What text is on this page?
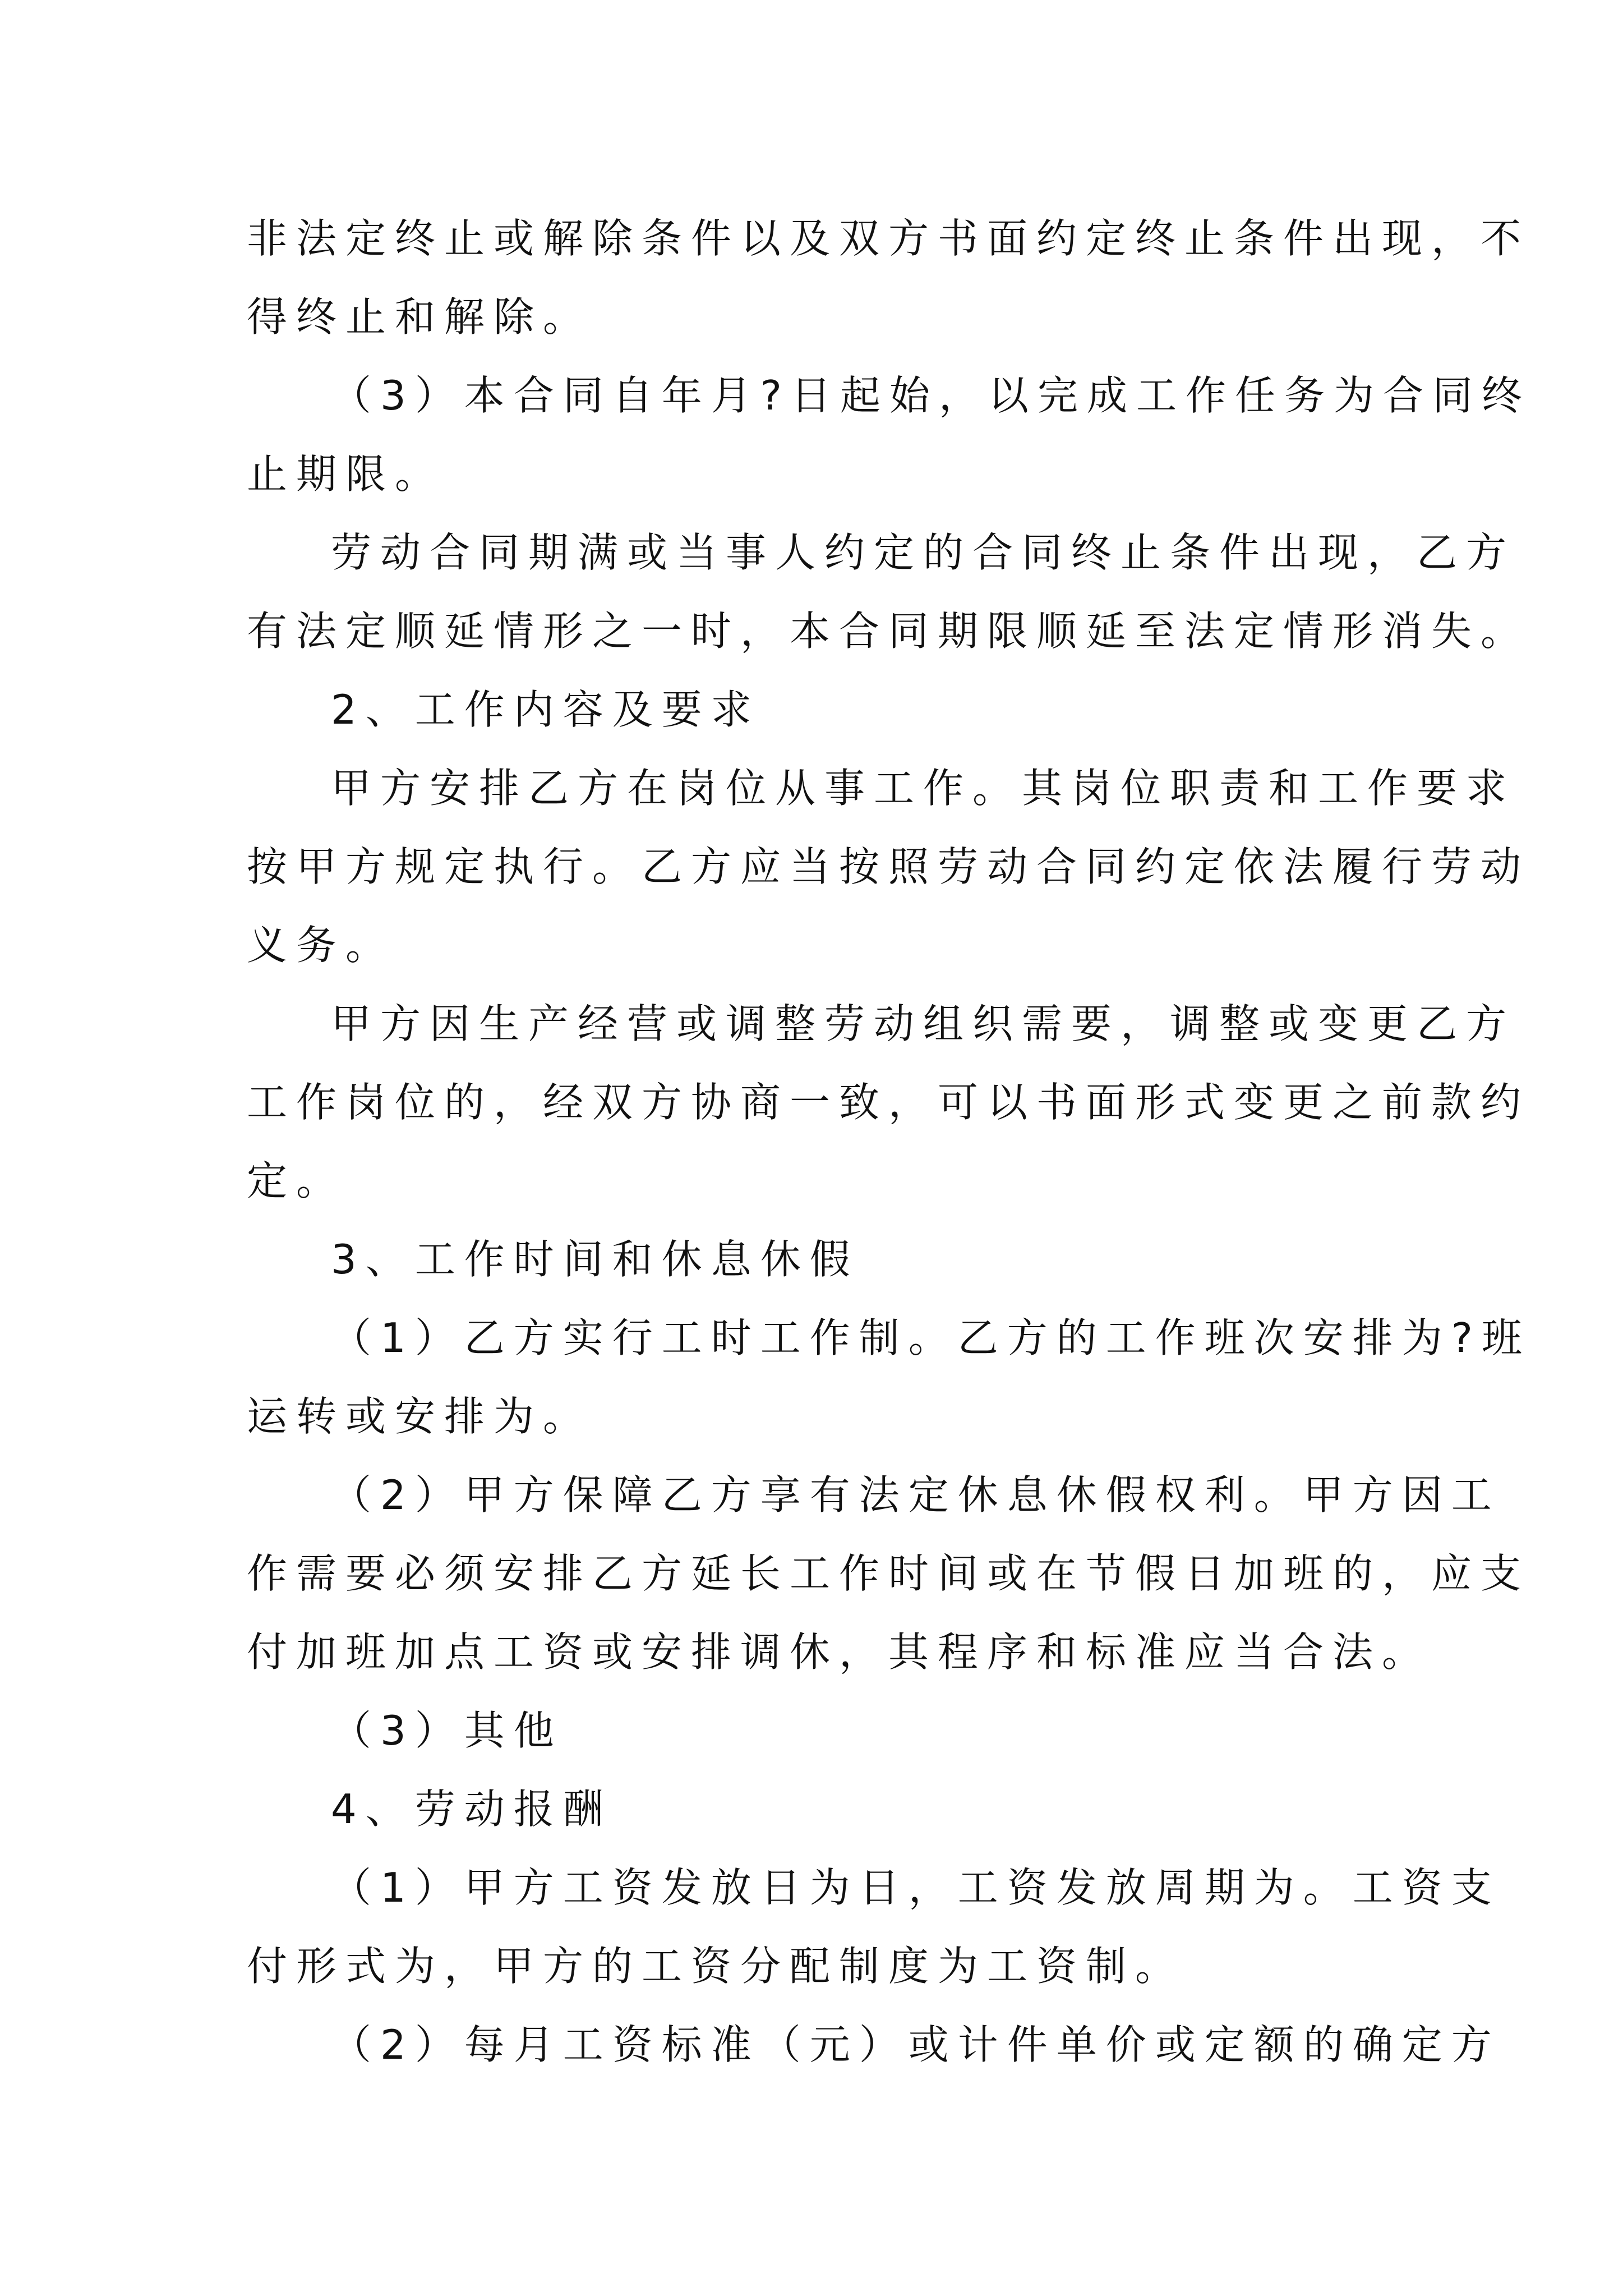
非法定终止或解除条件以及双方书面约定终止条件出现，不
得终止和解除。
（3）本合同自年月?日起始，以完成工作任务为合同终
止期限。
劳动合同期满或当事人约定的合同终止条件出现，乙方
有法定顺延情形之一时，本合同期限顺延至法定情形消失。
2、工作内容及要求
甲方安排乙方在岗位从事工作。其岗位职责和工作要求
按甲方规定执行。乙方应当按照劳动合同约定依法履行劳动
义务。
甲方因生产经营或调整劳动组织需要，调整或变更乙方
工作岗位的，经双方协商一致，可以书面形式变更之前款约
定。
3、工作时间和休息休假
（1）乙方实行工时工作制。乙方的工作班次安排为?班
运转或安排为。
（2）甲方保障乙方享有法定休息休假权利。甲方因工
作需要必须安排乙方延长工作时间或在节假日加班的，应支
付加班加点工资或安排调休，其程序和标准应当合法。
（3）其他
4、劳动报酬
（1）甲方工资发放日为日，工资发放周期为。工资支
付形式为，甲方的工资分配制度为工资制。
（2）每月工资标准（元）或计件单价或定额的确定方
